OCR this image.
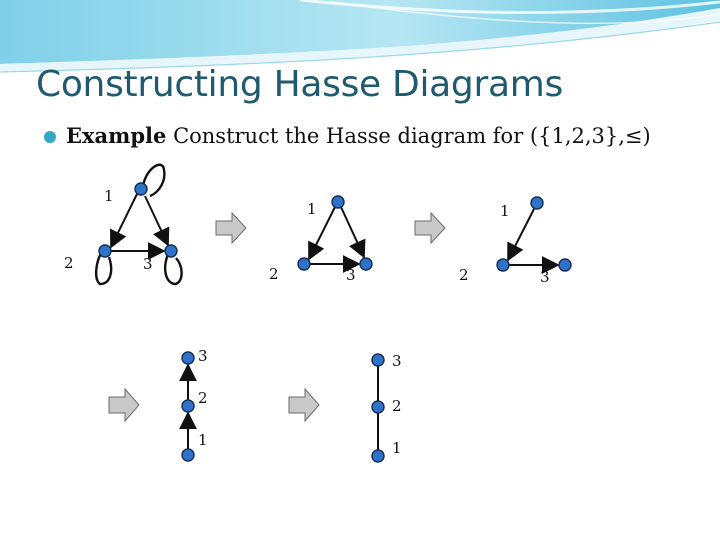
Constructing Hasse Diagrams
Example Construct the Hasse diagram for ({1,2,3},≤)
1
2	3
1
2	3
1
2	3
3
2
1
3
2
1
